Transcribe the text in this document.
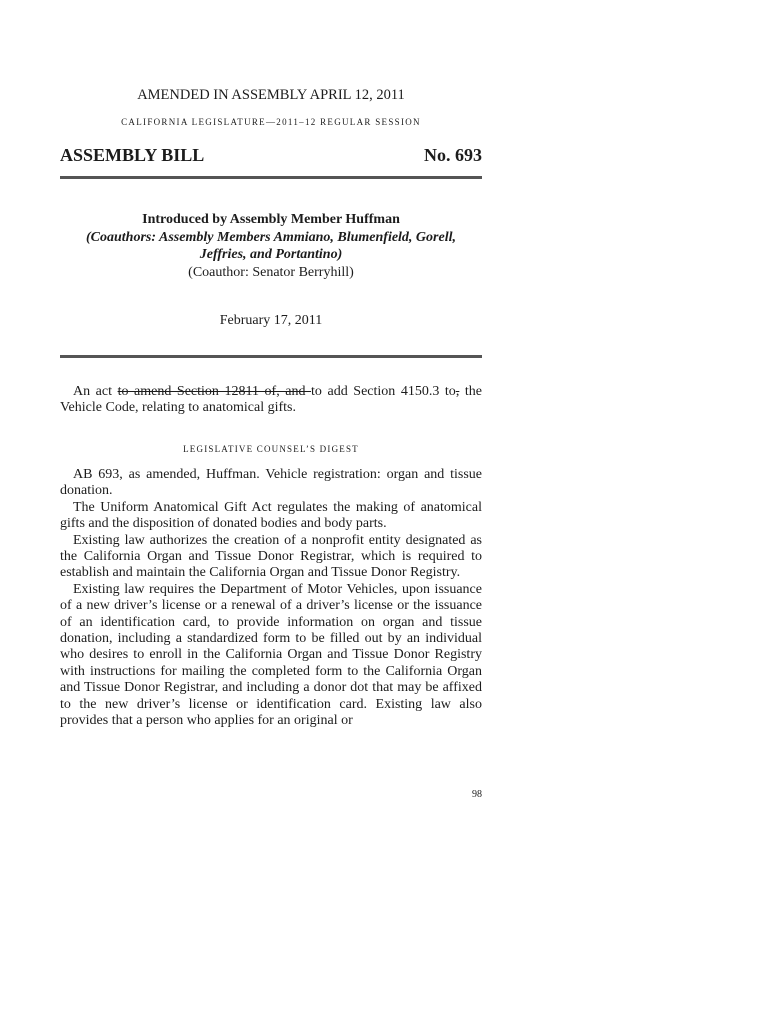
AMENDED IN ASSEMBLY APRIL 12, 2011
CALIFORNIA LEGISLATURE—2011–12 REGULAR SESSION
ASSEMBLY BILL	No. 693
Introduced by Assembly Member Huffman
(Coauthors: Assembly Members Ammiano, Blumenfield, Gorell,
Jeffries, and Portantino)
(Coauthor: Senator Berryhill)
February 17, 2011

An act to amend Section 12811 of, and to add Section 4150.3 to, the Vehicle Code, relating to anatomical gifts.

LEGISLATIVE COUNSEL’S DIGEST

AB 693, as amended, Huffman. Vehicle registration: organ and tissue donation.

The Uniform Anatomical Gift Act regulates the making of anatomical gifts and the disposition of donated bodies and body parts.

Existing law authorizes the creation of a nonprofit entity designated as the California Organ and Tissue Donor Registrar, which is required to establish and maintain the California Organ and Tissue Donor Registry.

Existing law requires the Department of Motor Vehicles, upon issuance of a new driver’s license or a renewal of a driver’s license or the issuance of an identification card, to provide information on organ and tissue donation, including a standardized form to be filled out by an individual who desires to enroll in the California Organ and Tissue Donor Registry with instructions for mailing the completed form to the California Organ and Tissue Donor Registrar, and including a donor dot that may be affixed to the new driver’s license or identification card. Existing law also provides that a person who applies for an original or

98
